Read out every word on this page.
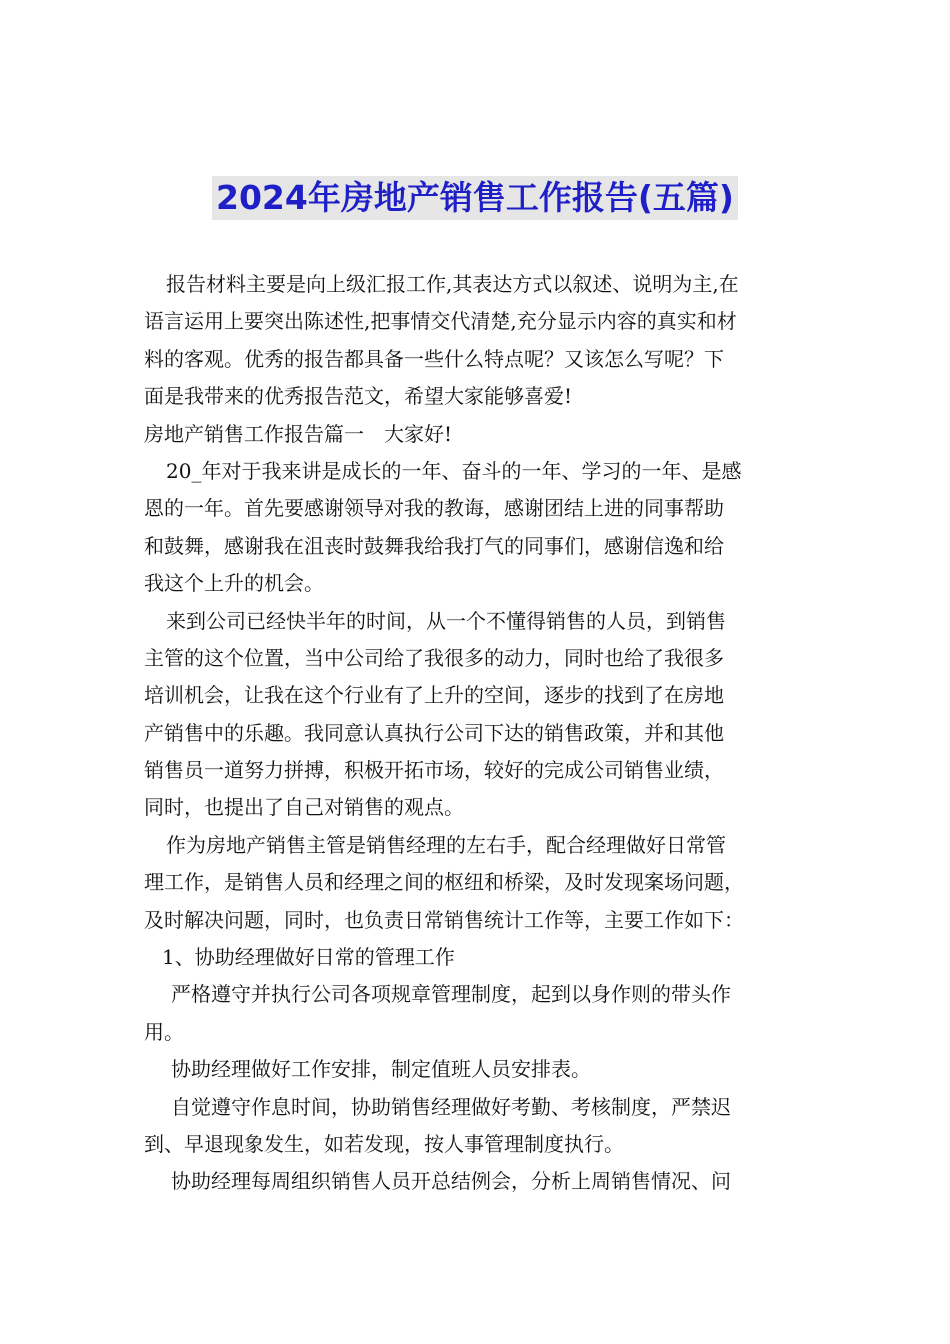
2024年房地产销售工作报告(五篇)
报告材料主要是向上级汇报工作,其表达方式以叙述、说明为主,在
语言运用上要突出陈述性,把事情交代清楚,充分显示内容的真实和材
料的客观。优秀的报告都具备一些什么特点呢？又该怎么写呢？下
面是我带来的优秀报告范文，希望大家能够喜爱!
房地产销售工作报告篇一　大家好!
20_年对于我来讲是成长的一年、奋斗的一年、学习的一年、是感
恩的一年。首先要感谢领导对我的教诲，感谢团结上进的同事帮助
和鼓舞，感谢我在沮丧时鼓舞我给我打气的同事们，感谢信逸和给
我这个上升的机会。
来到公司已经快半年的时间，从一个不懂得销售的人员，到销售
主管的这个位置，当中公司给了我很多的动力，同时也给了我很多
培训机会，让我在这个行业有了上升的空间，逐步的找到了在房地
产销售中的乐趣。我同意认真执行公司下达的销售政策，并和其他
销售员一道努力拼搏，积极开拓市场，较好的完成公司销售业绩，
同时，也提出了自己对销售的观点。
作为房地产销售主管是销售经理的左右手，配合经理做好日常管
理工作，是销售人员和经理之间的枢纽和桥梁，及时发现案场问题，
及时解决问题，同时，也负责日常销售统计工作等，主要工作如下：
1、协助经理做好日常的管理工作
严格遵守并执行公司各项规章管理制度，起到以身作则的带头作
用。
协助经理做好工作安排，制定值班人员安排表。
自觉遵守作息时间，协助销售经理做好考勤、考核制度，严禁迟
到、早退现象发生，如若发现，按人事管理制度执行。
协助经理每周组织销售人员开总结例会，分析上周销售情况、问
